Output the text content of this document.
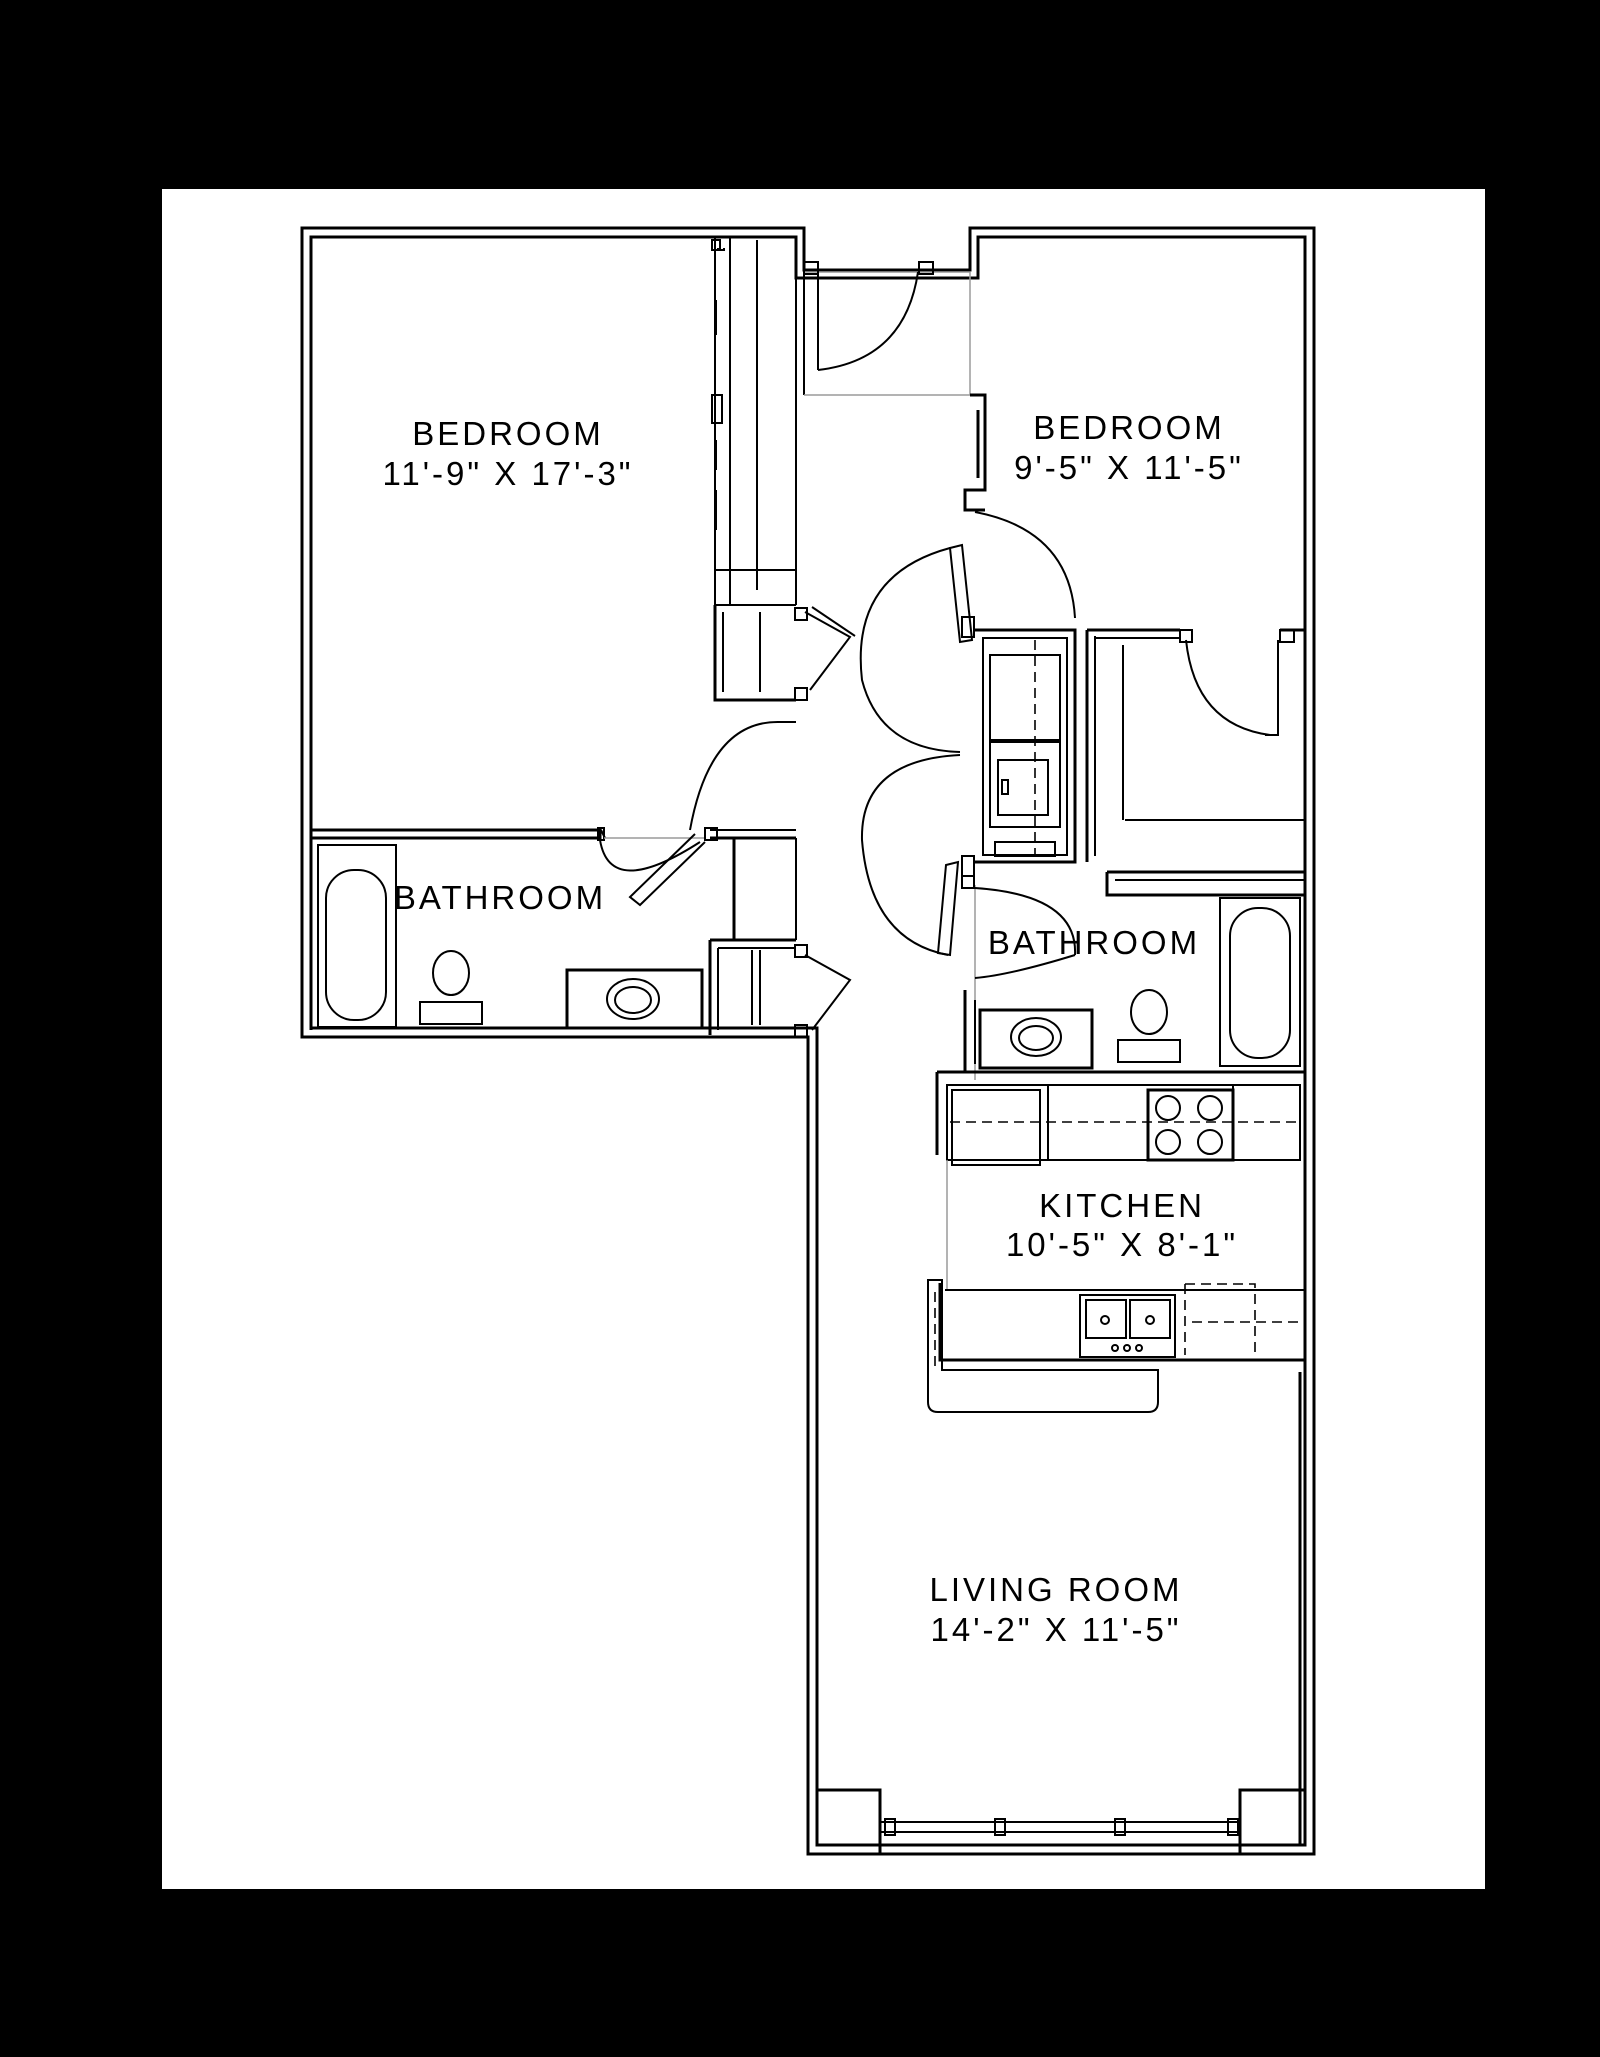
BEDROOM
11'-9" X 17'-3"
BEDROOM
9'-5" X 11'-5"
BATHROOM
BATHROOM
KITCHEN
10'-5" X 8'-1"
LIVING ROOM
14'-2" X 11'-5"
